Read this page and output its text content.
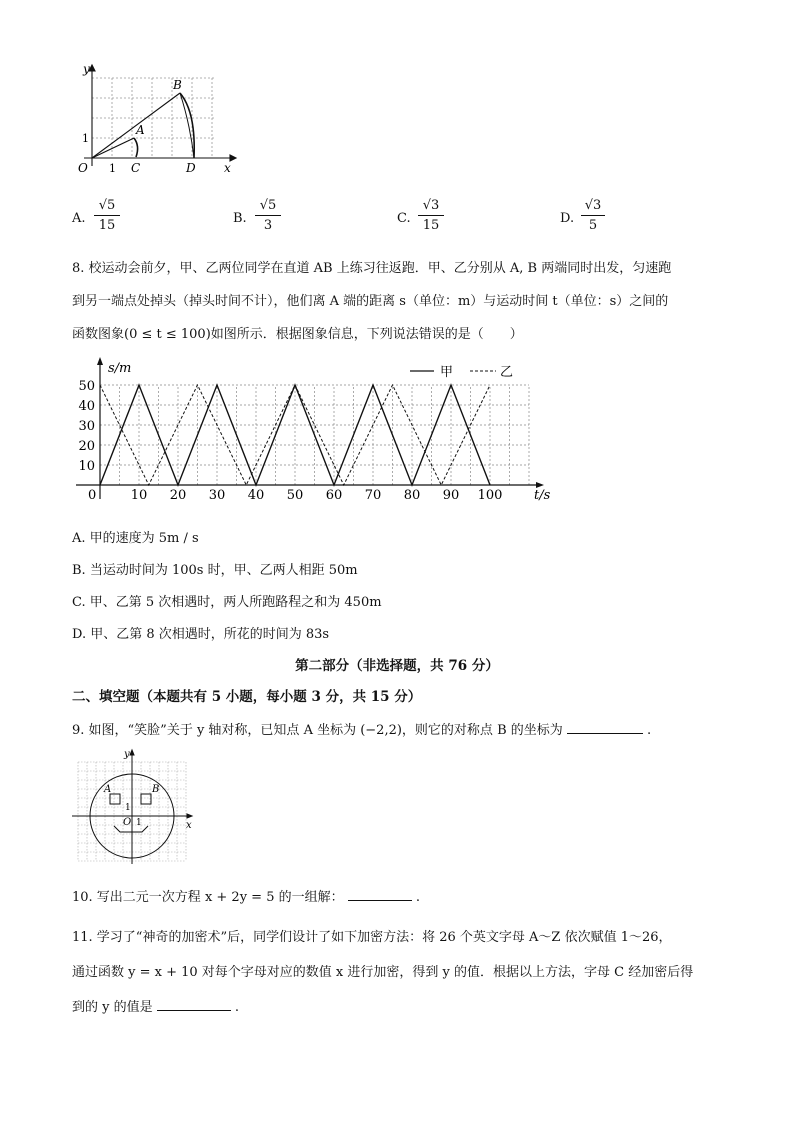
y
x
O 1
1
A
B
C	D
A. $\frac{√5}{15}$	B. $\frac{√5}{3}$	C. $\frac{√3}{15}$	D. $\frac{√3}{5}$
8. 校运动会前夕，甲、乙两位同学在直道 AB 上练习往返跑．甲、乙分别从 A, B 两端同时出发，匀速跑
到另一端点处掉头（掉头时间不计），他们离 A 端的距离 s（单位：m）与运动时间 t（单位：s）之间的
函数图象(0 ≤ t ≤ 100)如图所示．根据图象信息，下列说法错误的是（　　）
10 20 30 40 50 60 70 80 90 100
10
20
30
40
50
s/m
t/s
0
甲	乙
A. 甲的速度为 5m / s
B. 当运动时间为 100s 时，甲、乙两人相距 50m
C. 甲、乙第 5 次相遇时，两人所跑路程之和为 450m
D. 甲、乙第 8 次相遇时，所花的时间为 83s
第二部分（非选择题，共 76 分）
二、填空题（本题共有 5 小题，每小题 3 分，共 15 分）
9. 如图，“笑脸”关于 y 轴对称，已知点 A 坐标为 (−2,2)，则它的对称点 B 的坐标为	.
y
x
O 1
1
A	B
10. 写出二元一次方程 x + 2y = 5 的一组解：	.
11. 学习了“神奇的加密术”后，同学们设计了如下加密方法：将 26 个英文字母 A～Z 依次赋值 1～26，
通过函数 y = x + 10 对每个字母对应的数值 x 进行加密，得到 y 的值．根据以上方法，字母 C 经加密后得
到的 y 的值是	.
